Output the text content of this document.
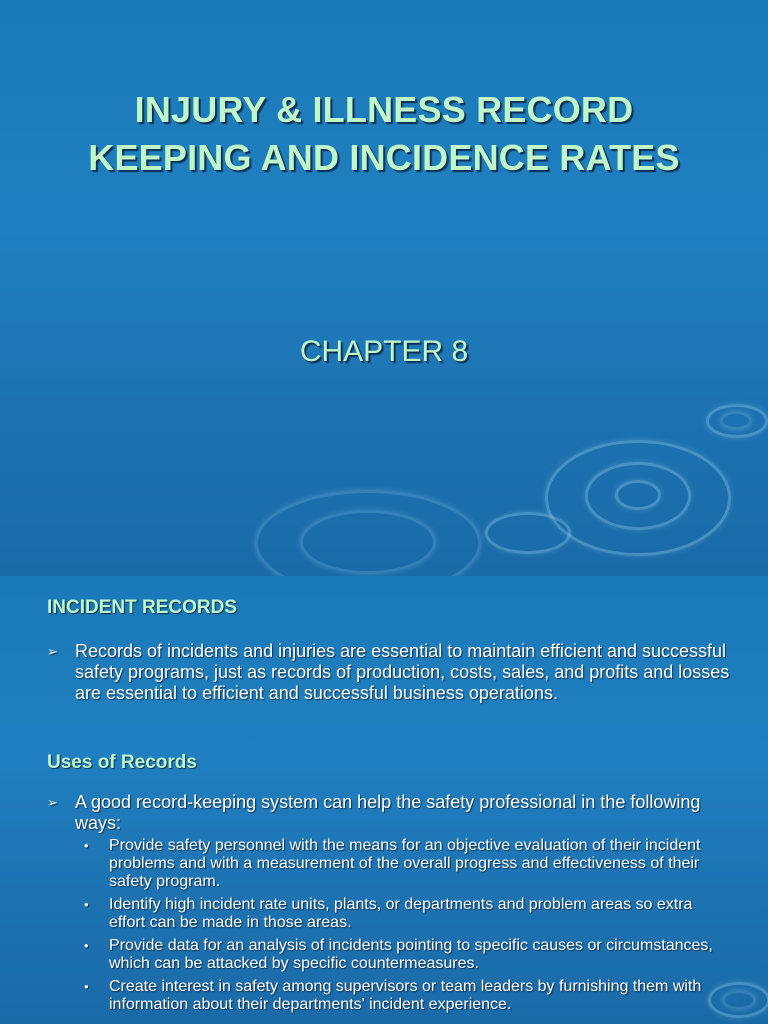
INJURY & ILLNESS RECORD
KEEPING AND INCIDENCE RATES
CHAPTER 8
INCIDENT RECORDS
➢ Records of incidents and injuries are essential to maintain efficient and successful safety programs, just as records of production, costs, sales, and profits and losses are essential to efficient and successful business operations.
Uses of Records
➢ A good record-keeping system can help the safety professional in the following ways:
• Provide safety personnel with the means for an objective evaluation of their incident problems and with a measurement of the overall progress and effectiveness of their safety program.
• Identify high incident rate units, plants, or departments and problem areas so extra effort can be made in those areas.
• Provide data for an analysis of incidents pointing to specific causes or circumstances, which can be attacked by specific countermeasures.
• Create interest in safety among supervisors or team leaders by furnishing them with information about their departments' incident experience.
